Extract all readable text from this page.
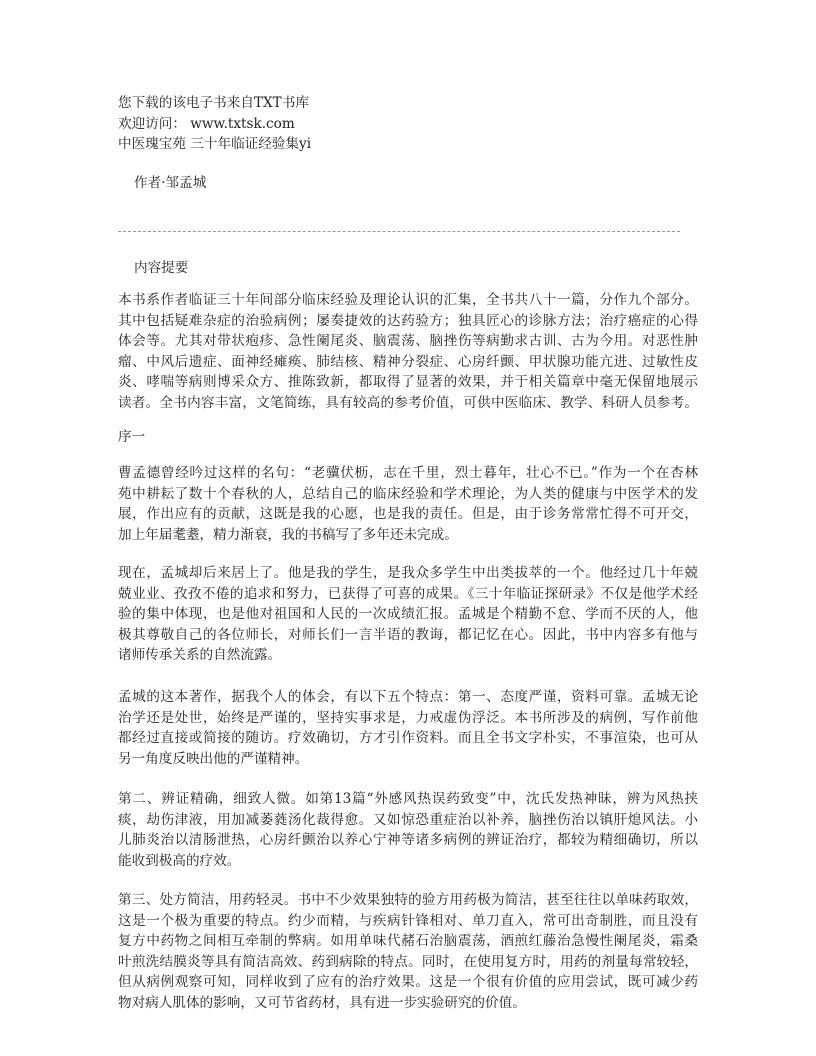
您下载的该电子书来自TXT书库
欢迎访问： www.txtsk.com
中医瑰宝苑 三十年临证经验集yi
作者·邹孟城
内容提要
本书系作者临证三十年间部分临床经验及理论认识的汇集，全书共八十一篇，分作九个部分。
其中包括疑难杂症的治验病例；屡奏捷效的达药验方；独具匠心的诊脉方法；治疗癌症的心得
体会等。尤其对带状疱疹、急性阑尾炎、脑震荡、脑挫伤等病勤求古训、古为今用。对恶性肿
瘤、中风后遗症、面神经瘫痪、肺结核、精神分裂症、心房纤颤、甲状腺功能亢进、过敏性皮
炎、哮喘等病则博采众方、推陈致新，都取得了显著的效果，并于相关篇章中毫无保留地展示
读者。全书内容丰富，文笔简练，具有较高的参考价值，可供中医临床、教学、科研人员参考。
序一
曹孟德曾经吟过这样的名句：“老骥伏枥，志在千里，烈士暮年，壮心不已。”作为一个在杏林
苑中耕耘了数十个春秋的人，总结自己的临床经验和学术理论，为人类的健康与中医学术的发
展，作出应有的贡献，这既是我的心愿，也是我的责任。但是，由于诊务常常忙得不可开交，
加上年届耄耋，精力渐衰，我的书稿写了多年还未完成。
现在，孟城却后来居上了。他是我的学生，是我众多学生中出类拔萃的一个。他经过几十年兢
兢业业、孜孜不倦的追求和努力，已获得了可喜的成果。《三十年临证探研录》不仅是他学术经
验的集中体现，也是他对祖国和人民的一次成绩汇报。孟城是个精勤不怠、学而不厌的人，他
极其尊敬自己的各位师长，对师长们一言半语的教诲，都记忆在心。因此，书中内容多有他与
诸师传承关系的自然流露。
孟城的这本著作，据我个人的体会，有以下五个特点：第一、态度严谨，资料可靠。孟城无论
治学还是处世，始终是严谨的，坚持实事求是，力戒虚伪浮泛。本书所涉及的病例，写作前他
都经过直接或简接的随访。疗效确切，方才引作资料。而且全书文字朴实，不事渲染，也可从
另一角度反映出他的严谨精神。
第二、辨证精确，细致人微。如第13篇“外感风热误药致变”中，沈氏发热神昧，辨为风热挟
痰，劫伤津液，用加减萎蕤汤化裁得愈。又如惊恐重症治以补养，脑挫伤治以镇肝熄风法。小
儿肺炎治以清肠泄热，心房纤颤治以养心宁神等诸多病例的辨证治疗，都较为精细确切，所以
能收到极高的疗效。
第三、处方简洁，用药轻灵。书中不少效果独特的验方用药极为简洁，甚至往往以单味药取效，
这是一个极为重要的特点。约少而精，与疾病针锋相对、单刀直入，常可出奇制胜，而且没有
复方中药物之间相互牵制的弊病。如用单味代赭石治脑震荡，酒煎红藤治急慢性阑尾炎，霜桑
叶煎洗结膜炎等具有简洁高效、药到病除的特点。同时，在使用复方时，用药的剂量每常较轻，
但从病例观察可知，同样收到了应有的治疗效果。这是一个很有价值的应用尝试，既可减少药
物对病人肌体的影响，又可节省药材，具有进一步实验研究的价值。
